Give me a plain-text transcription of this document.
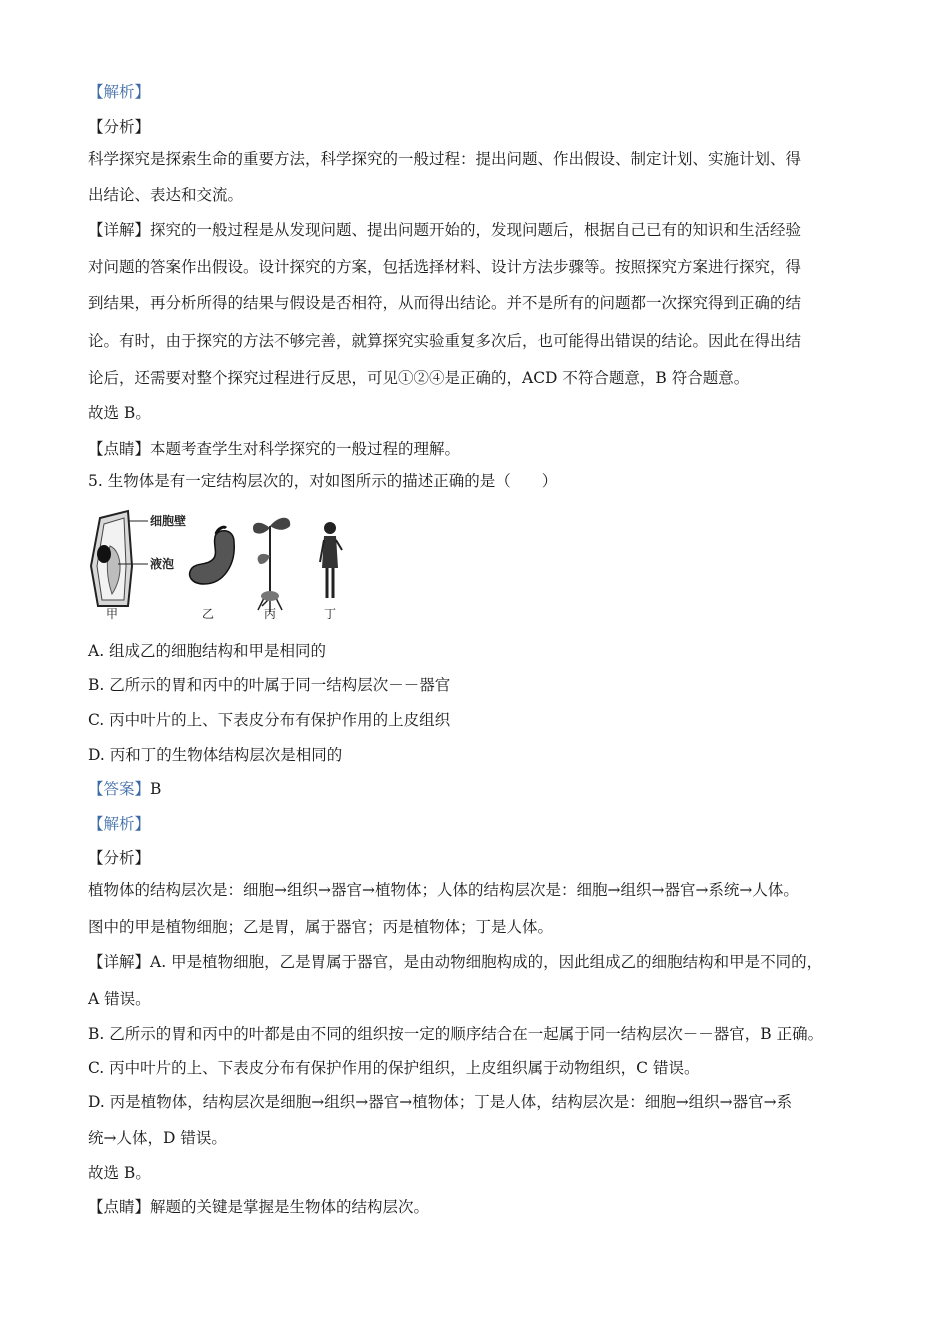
【解析】
【分析】
科学探究是探索生命的重要方法，科学探究的一般过程：提出问题、作出假设、制定计划、实施计划、得
出结论、表达和交流。
【详解】探究的一般过程是从发现问题、提出问题开始的，发现问题后，根据自己已有的知识和生活经验
对问题的答案作出假设。设计探究的方案，包括选择材料、设计方法步骤等。按照探究方案进行探究，得
到结果，再分析所得的结果与假设是否相符，从而得出结论。并不是所有的问题都一次探究得到正确的结
论。有时，由于探究的方法不够完善，就算探究实验重复多次后，也可能得出错误的结论。因此在得出结
论后，还需要对整个探究过程进行反思，可见①②④是正确的，ACD 不符合题意，B 符合题意。
故选 B。
【点睛】本题考查学生对科学探究的一般过程的理解。
5. 生物体是有一定结构层次的，对如图所示的描述正确的是（　　）
细胞壁
液泡
甲	乙	丙	丁
A. 组成乙的细胞结构和甲是相同的
B. 乙所示的胃和丙中的叶属于同一结构层次－－器官
C. 丙中叶片的上、下表皮分布有保护作用的上皮组织
D. 丙和丁的生物体结构层次是相同的
【答案】B
【解析】
【分析】
植物体的结构层次是：细胞→组织→器官→植物体；人体的结构层次是：细胞→组织→器官→系统→人体。
图中的甲是植物细胞；乙是胃，属于器官；丙是植物体；丁是人体。
【详解】A. 甲是植物细胞，乙是胃属于器官，是由动物细胞构成的，因此组成乙的细胞结构和甲是不同的，
A 错误。
B. 乙所示的胃和丙中的叶都是由不同的组织按一定的顺序结合在一起属于同一结构层次－－器官，B 正确。
C. 丙中叶片的上、下表皮分布有保护作用的保护组织，上皮组织属于动物组织，C 错误。
D. 丙是植物体，结构层次是细胞→组织→器官→植物体；丁是人体，结构层次是：细胞→组织→器官→系
统→人体，D 错误。
故选 B。
【点睛】解题的关键是掌握是生物体的结构层次。
